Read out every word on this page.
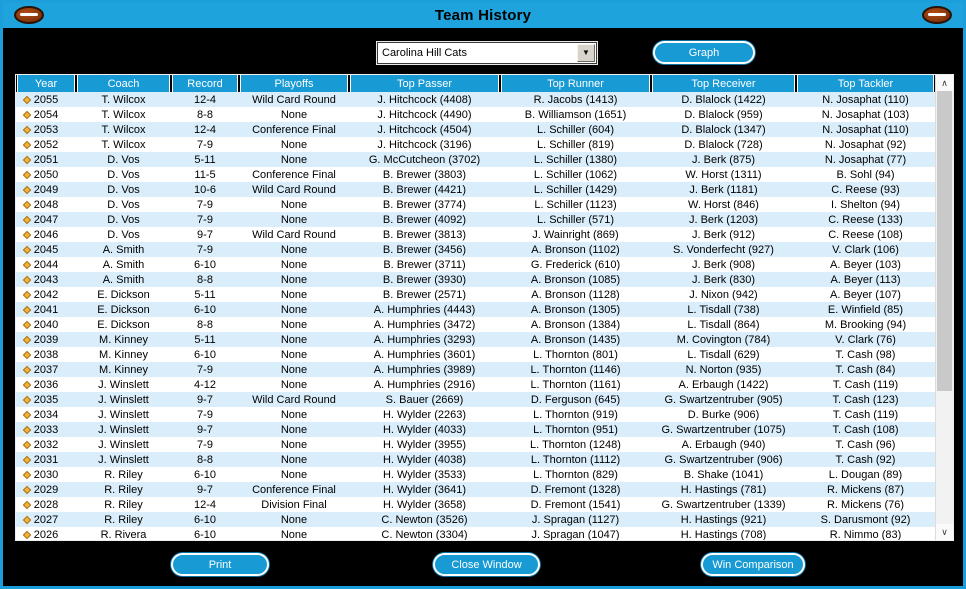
Team History
Carolina Hill Cats	▼	Graph
Year	Coach	Record	Playoffs	Top Passer	Top Runner	Top Receiver	Top Tackler
2055	T. Wilcox	12-4	Wild Card Round	J. Hitchcock (4408)	R. Jacobs (1413)	D. Blalock (1422)	N. Josaphat (110)
2054	T. Wilcox	8-8	None	J. Hitchcock (4490)	B. Williamson (1651)	D. Blalock (959)	N. Josaphat (103)
2053	T. Wilcox	12-4	Conference Final	J. Hitchcock (4504)	L. Schiller (604)	D. Blalock (1347)	N. Josaphat (110)
2052	T. Wilcox	7-9	None	J. Hitchcock (3196)	L. Schiller (819)	D. Blalock (728)	N. Josaphat (92)
2051	D. Vos	5-11	None	G. McCutcheon (3702)	L. Schiller (1380)	J. Berk (875)	N. Josaphat (77)
2050	D. Vos	11-5	Conference Final	B. Brewer (3803)	L. Schiller (1062)	W. Horst (1311)	B. Sohl (94)
2049	D. Vos	10-6	Wild Card Round	B. Brewer (4421)	L. Schiller (1429)	J. Berk (1181)	C. Reese (93)
2048	D. Vos	7-9	None	B. Brewer (3774)	L. Schiller (1123)	W. Horst (846)	I. Shelton (94)
2047	D. Vos	7-9	None	B. Brewer (4092)	L. Schiller (571)	J. Berk (1203)	C. Reese (133)
2046	D. Vos	9-7	Wild Card Round	B. Brewer (3813)	J. Wainright (869)	J. Berk (912)	C. Reese (108)
2045	A. Smith	7-9	None	B. Brewer (3456)	A. Bronson (1102)	S. Vonderfecht (927)	V. Clark (106)
2044	A. Smith	6-10	None	B. Brewer (3711)	G. Frederick (610)	J. Berk (908)	A. Beyer (103)
2043	A. Smith	8-8	None	B. Brewer (3930)	A. Bronson (1085)	J. Berk (830)	A. Beyer (113)
2042	E. Dickson	5-11	None	B. Brewer (2571)	A. Bronson (1128)	J. Nixon (942)	A. Beyer (107)
2041	E. Dickson	6-10	None	A. Humphries (4443)	A. Bronson (1305)	L. Tisdall (738)	E. Winfield (85)
2040	E. Dickson	8-8	None	A. Humphries (3472)	A. Bronson (1384)	L. Tisdall (864)	M. Brooking (94)
2039	M. Kinney	5-11	None	A. Humphries (3293)	A. Bronson (1435)	M. Covington (784)	V. Clark (76)
2038	M. Kinney	6-10	None	A. Humphries (3601)	L. Thornton (801)	L. Tisdall (629)	T. Cash (98)
2037	M. Kinney	7-9	None	A. Humphries (3989)	L. Thornton (1146)	N. Norton (935)	T. Cash (84)
2036	J. Winslett	4-12	None	A. Humphries (2916)	L. Thornton (1161)	A. Erbaugh (1422)	T. Cash (119)
2035	J. Winslett	9-7	Wild Card Round	S. Bauer (2669)	D. Ferguson (645)	G. Swartzentruber (905)	T. Cash (123)
2034	J. Winslett	7-9	None	H. Wylder (2263)	L. Thornton (919)	D. Burke (906)	T. Cash (119)
2033	J. Winslett	9-7	None	H. Wylder (4033)	L. Thornton (951)	G. Swartzentruber (1075)	T. Cash (108)
2032	J. Winslett	7-9	None	H. Wylder (3955)	L. Thornton (1248)	A. Erbaugh (940)	T. Cash (96)
2031	J. Winslett	8-8	None	H. Wylder (4038)	L. Thornton (1112)	G. Swartzentruber (906)	T. Cash (92)
2030	R. Riley	6-10	None	H. Wylder (3533)	L. Thornton (829)	B. Shake (1041)	L. Dougan (89)
2029	R. Riley	9-7	Conference Final	H. Wylder (3641)	D. Fremont (1328)	H. Hastings (781)	R. Mickens (87)
2028	R. Riley	12-4	Division Final	H. Wylder (3658)	D. Fremont (1541)	G. Swartzentruber (1339)	R. Mickens (76)
2027	R. Riley	6-10	None	C. Newton (3526)	J. Spragan (1127)	H. Hastings (921)	S. Darusmont (92)
2026	R. Rivera	6-10	None	C. Newton (3304)	J. Spragan (1047)	H. Hastings (708)	R. Nimmo (83)
∧
∨
Print	Close Window	Win Comparison
